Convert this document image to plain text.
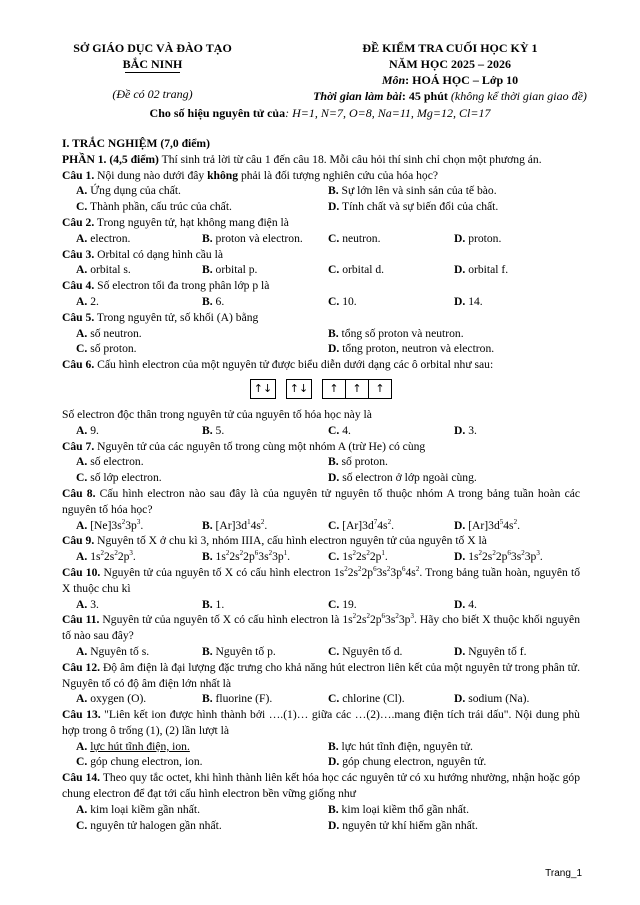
SỞ GIÁO DỤC VÀ ĐÀO TẠO
BẮC NINH
(Đề có 02 trang)
ĐỀ KIỂM TRA CUỐI HỌC KỲ 1
NĂM HỌC 2025 – 2026
Môn: HOÁ HỌC – Lớp 10
Thời gian làm bài: 45 phút (không kể thời gian giao đề)
Cho số hiệu nguyên tử của: H=1, N=7, O=8, Na=11, Mg=12, Cl=17
I. TRẮC NGHIỆM (7,0 điểm)
PHẦN 1. (4,5 điểm) Thí sinh trả lời từ câu 1 đến câu 18. Mỗi câu hỏi thí sinh chỉ chọn một phương án.
Câu 1. Nội dung nào dưới đây không phải là đối tượng nghiên cứu của hóa học?
A. Ứng dụng của chất.	B. Sự lớn lên và sinh sản của tế bào.
C. Thành phần, cấu trúc của chất.	D. Tính chất và sự biến đổi của chất.
Câu 2. Trong nguyên tử, hạt không mang điện là
A. electron.	B. proton và electron.	C. neutron.	D. proton.
Câu 3. Orbital có dạng hình cầu là
A. orbital s.	B. orbital p.	C. orbital d.	D. orbital f.
Câu 4. Số electron tối đa trong phân lớp p là
A. 2.	B. 6.	C. 10.	D. 14.
Câu 5. Trong nguyên tử, số khối (A) bằng
A. số neutron.	B. tổng số proton và neutron.
C. số proton.	D. tổng proton, neutron và electron.
Câu 6. Cấu hình electron của một nguyên tử được biểu diễn dưới dạng các ô orbital như sau:
↑↓	↑↓	↑	↑	↑
Số electron độc thân trong nguyên tử của nguyên tố hóa học này là
A. 9.	B. 5.	C. 4.	D. 3.
Câu 7. Nguyên tử của các nguyên tố trong cùng một nhóm A (trừ He) có cùng
A. số electron.	B. số proton.
C. số lớp electron.	D. số electron ở lớp ngoài cùng.
Câu 8. Cấu hình electron nào sau đây là của nguyên tử nguyên tố thuộc nhóm A trong bảng tuần hoàn các nguyên tố hóa học?
A. $[Ne]3s^23p^3$.	B. $[Ar]3d^14s^2$.	C. $[Ar]3d^74s^2$.	D. $[Ar]3d^54s^2$.
Câu 9. Nguyên tố X ở chu kì 3, nhóm IIIA, cấu hình electron nguyên tử của nguyên tố X là
A. $1s^22s^22p^3$.	B. $1s^22s^22p^63s^23p^1$.	C. $1s^22s^22p^1$.	D. $1s^22s^22p^63s^23p^3$.
Câu 10. Nguyên tử của nguyên tố X có cấu hình electron $1s^22s^22p^63s^23p^64s^2$. Trong bảng tuần hoàn, nguyên tố X thuộc chu kì
A. 3.	B. 1.	C. 19.	D. 4.
Câu 11. Nguyên tử của nguyên tố X có cấu hình electron là $1s^22s^22p^63s^23p^3$. Hãy cho biết X thuộc khối nguyên tố nào sau đây?
A. Nguyên tố s.	B. Nguyên tố p.	C. Nguyên tố d.	D. Nguyên tố f.
Câu 12. Độ âm điện là đại lượng đặc trưng cho khả năng hút electron liên kết của một nguyên tử trong phân tử. Nguyên tố có độ âm điện lớn nhất là
A. oxygen (O).	B. fluorine (F).	C. chlorine (Cl).	D. sodium (Na).
Câu 13. "Liên kết ion được hình thành bởi ….(1)… giữa các …(2)….mang điện tích trái dấu". Nội dung phù hợp trong ô trống (1), (2) lần lượt là
A. lực hút tĩnh điện, ion.	B. lực hút tĩnh điện, nguyên tử.
C. góp chung electron, ion.	D. góp chung electron, nguyên tử.
Câu 14. Theo quy tắc octet, khi hình thành liên kết hóa học các nguyên tử có xu hướng nhường, nhận hoặc góp chung electron để đạt tới cấu hình electron bền vững giống như
A. kim loại kiềm gần nhất.	B. kim loại kiềm thổ gần nhất.
C. nguyên tử halogen gần nhất.	D. nguyên tử khí hiếm gần nhất.
Trang_1
